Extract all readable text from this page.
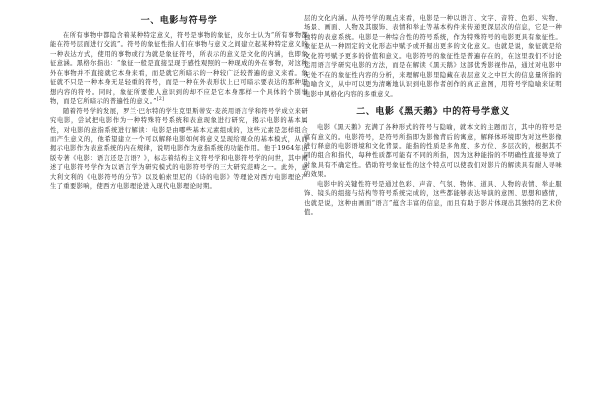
一、电影与符号学

在所有事物中都隐含着某种特定意义，符号是事物的象征，皮尔士认为“所有事物都能在符号层面进行交流”。符号的象征性指人们在事物与意义之间建立起某种特定意义的一种表达方式，使用的事物或行为就是象征符号，所表示的意义是文化的内涵，也即象征意涵。黑格尔指出：“象征一般是直接呈现于感性观照的一种现成的外在事物，对这种外在事物并不直接就它本身来看，而是就它所暗示的一种较广泛较普遍的意义来看。象征就不只是一种本身无足轻重的符号，而是一种在外表形状上已可暗示要表达的那种思想内容的符号。同时，象征所要使人意识到的却不应是它本身那样一个具体的个别事物，而是它所暗示的普遍性的意义。”[2]

随着符号学的发展，罗兰·巴尔特的学生克里斯蒂安·麦茨用语言学和符号学成立来研究电影，尝试把电影作为一种特殊符号系统和表意现象进行研究，揭示电影的基本属性，对电影的意指系统进行解读：电影是由哪些基本元素组成的，这些元素是怎样组合而产生意义的，他希望建立一个可以解释电影如何将意义呈现给观众的基本模式，从而揭示电影作为表意系统的内在规律，说明电影作为意指系统的功能作用。他于1964年出版专著《电影：语言还是言语？》，标志着结构主义符号学和电影符号学的问世，其中阐述了电影符号学作为以语言学为研究模式的电影符号学的三大研究范畴之一。此外，意大利文利的《电影符号的分节》以及帕索里尼的《诗的电影》等理论对西方电影理论产生了重要影响，使西方电影理论进入现代电影理论时期。

层的文化内涵。从符号学的观点来看，电影是一种以语言、文字、音符、色彩、实物、场景、画面、人物及其服饰、表情和举止等基本构件来传递更深层次的信息，它是一种独特的表意系统。电影是一种综合性的符号系统，作为特殊符号的电影更具有象征性。象征是从一种固定的文化形态中赋予或开掘出更多的文化意义。也就是说，象征就是给文化符号赋予更多的价值和意义。电影符号的象征性是普遍存在的，在这里我们不讨论运用语言学研究电影的方法，而是在解读《黑天鹅》这部优秀影视作品，通过对电影中无处不在的象征性内容的分析，来理解电影里隐藏在表层意义之中巨大的信息量所指的隐喻含义，从中可以更为清晰地认识到电影作者创作的真正意图，用符号学隐喻来证明电影中风格化内容的多重意义。

二、电影《黑天鹅》中的符号学意义

电影《黑天鹅》充满了各种形式的符号与隐喻，就本文的主题而言，其中的符号是富有意义的。电影符号，是符号所指即为影像背后的寓意，解释体环境即为对这些影像进行释意的电影语境和文化背景。能指的性质是多角度、多方位、多层次的，根据其不同的组合和指代，每种性质都可能有不同的所指，因为这种能指的不明确性直接导致了对象具有不确定性。借助符号象征性的这个特点可以使我们对影片的解读具有耐人寻味的效果。

电影中的关键性符号是通过色彩、声音、气氛、物体、道具、人物的表情、举止服饰、镜头的组接与结构等符号系统完成的，这些都能够表达导演的意图、思想和感情，也就是说，这种由画面“语言”蕴含丰富的信息，而且有助于影片体现出其独特的艺术价值。
